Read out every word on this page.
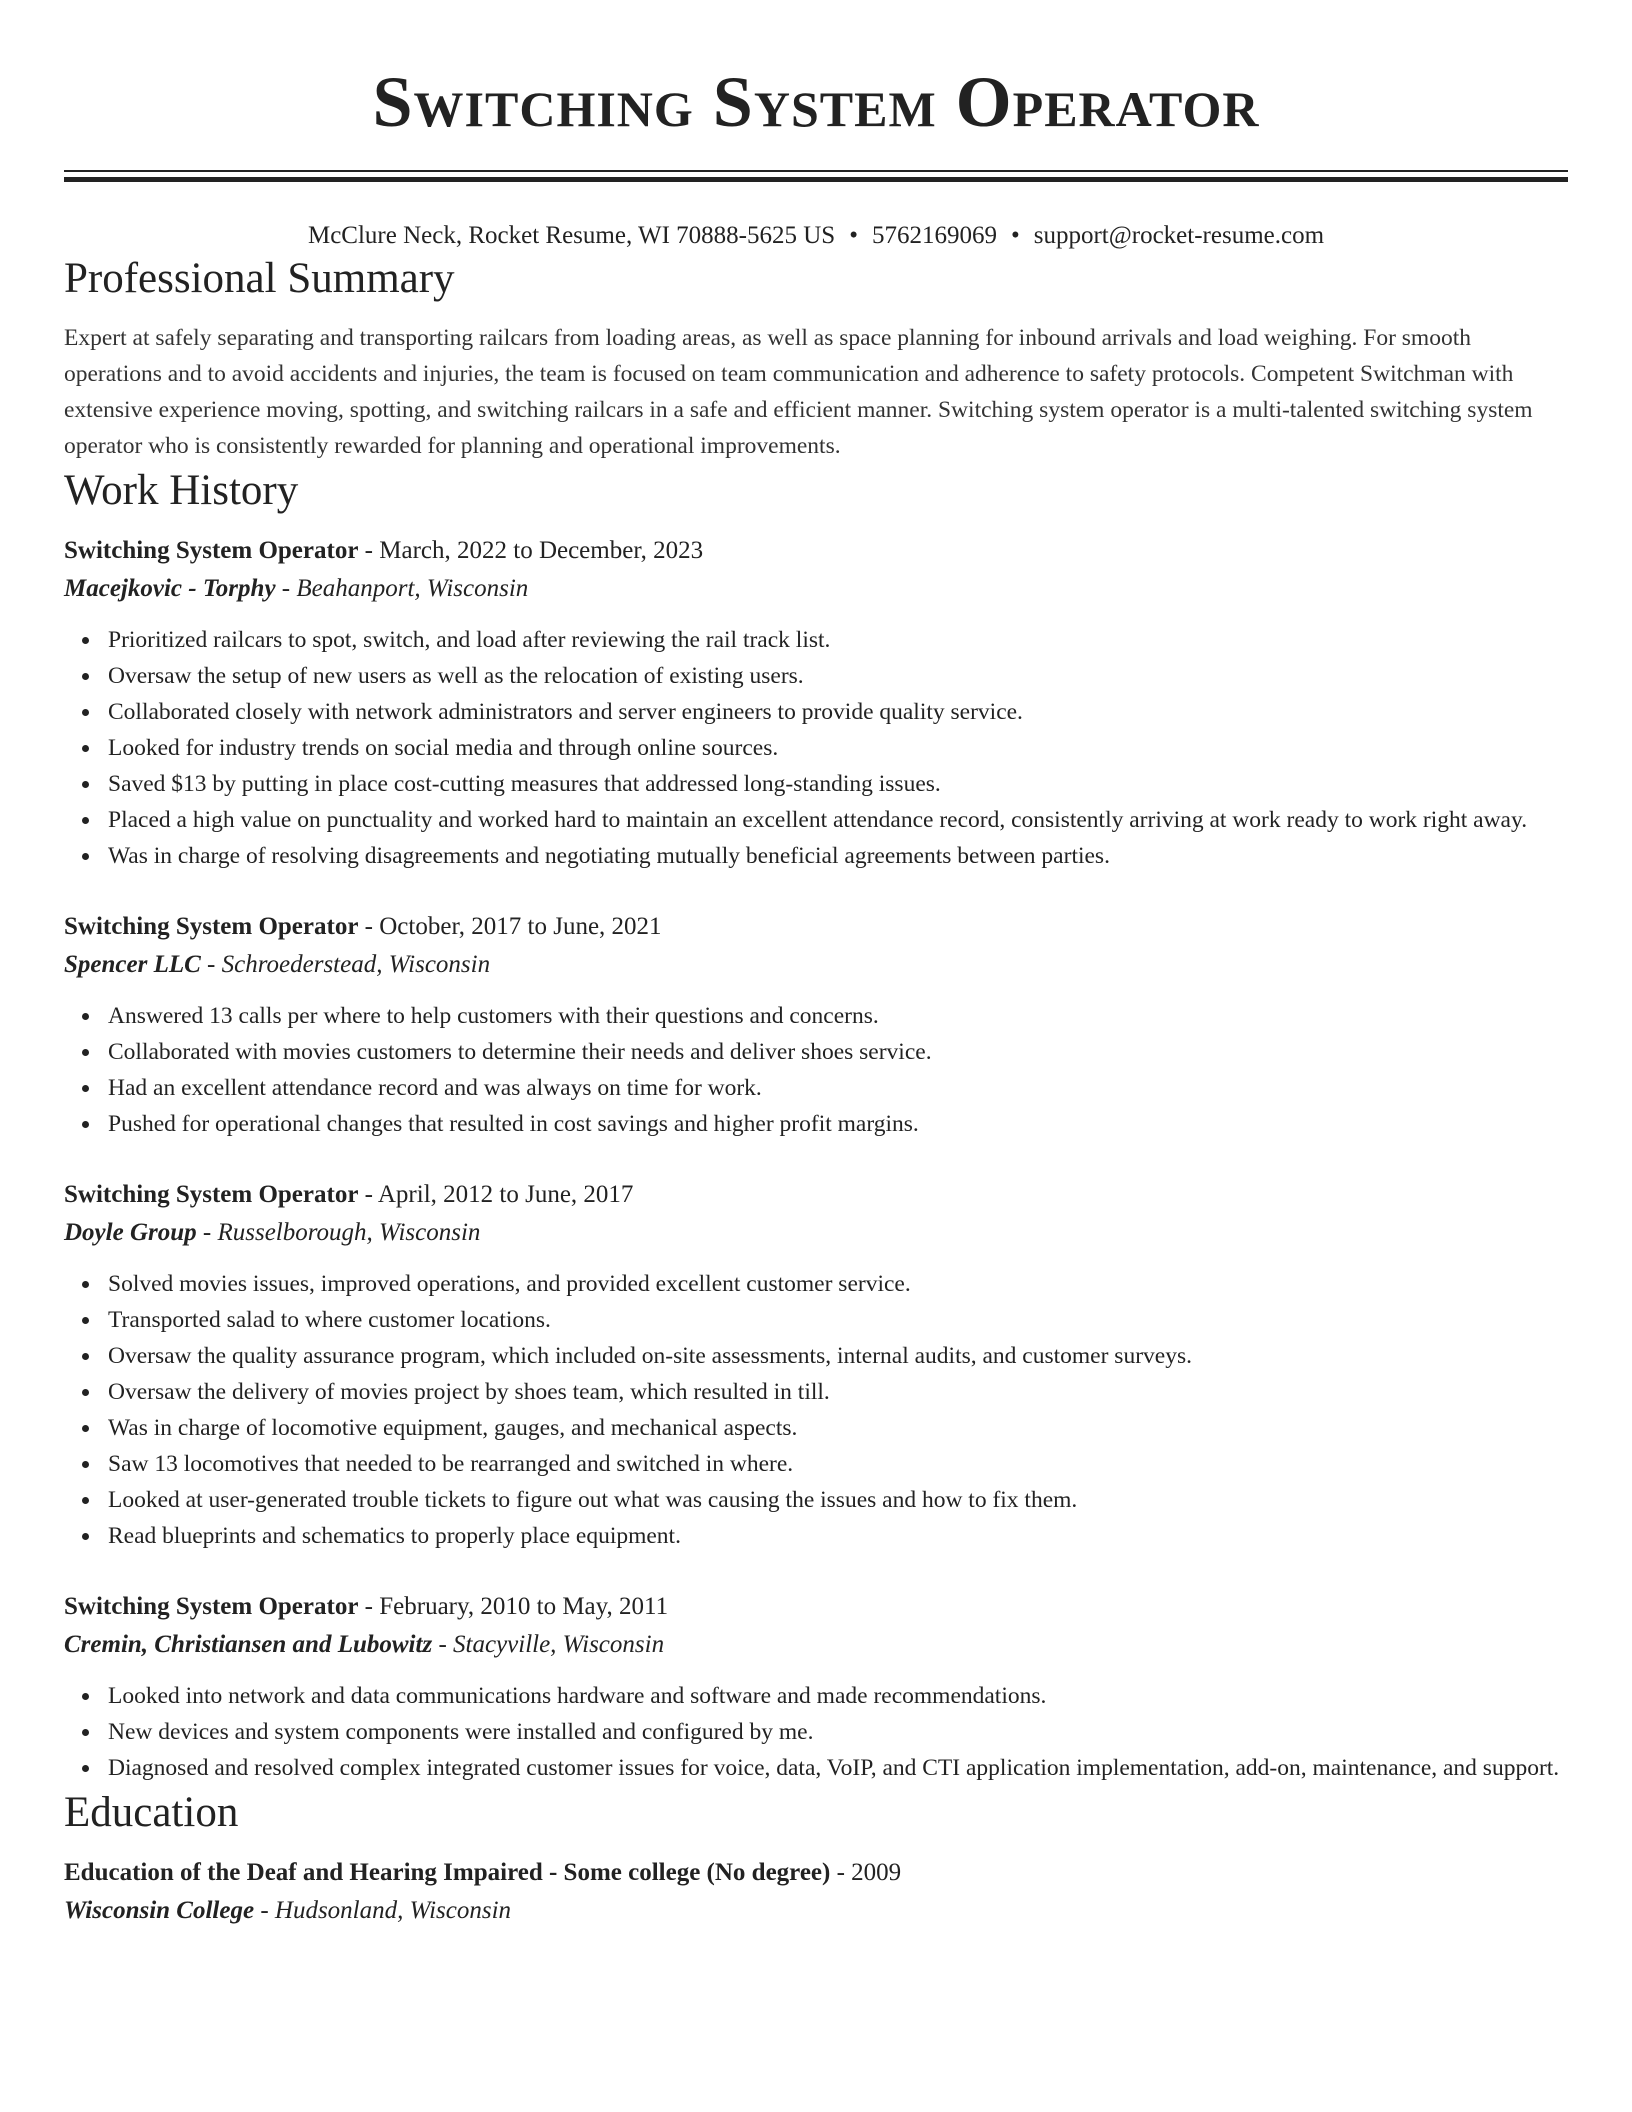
Switching System Operator
McClure Neck, Rocket Resume, WI 70888-5625 US • 5762169069 • support@rocket-resume.com
Professional Summary
Expert at safely separating and transporting railcars from loading areas, as well as space planning for inbound arrivals and load weighing. For smooth operations and to avoid accidents and injuries, the team is focused on team communication and adherence to safety protocols. Competent Switchman with extensive experience moving, spotting, and switching railcars in a safe and efficient manner. Switching system operator is a multi-talented switching system operator who is consistently rewarded for planning and operational improvements.
Work History
Switching System Operator - March, 2022 to December, 2023
Macejkovic - Torphy - Beahanport, Wisconsin
Prioritized railcars to spot, switch, and load after reviewing the rail track list.
Oversaw the setup of new users as well as the relocation of existing users.
Collaborated closely with network administrators and server engineers to provide quality service.
Looked for industry trends on social media and through online sources.
Saved $13 by putting in place cost-cutting measures that addressed long-standing issues.
Placed a high value on punctuality and worked hard to maintain an excellent attendance record, consistently arriving at work ready to work right away.
Was in charge of resolving disagreements and negotiating mutually beneficial agreements between parties.
Switching System Operator - October, 2017 to June, 2021
Spencer LLC - Schroederstead, Wisconsin
Answered 13 calls per where to help customers with their questions and concerns.
Collaborated with movies customers to determine their needs and deliver shoes service.
Had an excellent attendance record and was always on time for work.
Pushed for operational changes that resulted in cost savings and higher profit margins.
Switching System Operator - April, 2012 to June, 2017
Doyle Group - Russelborough, Wisconsin
Solved movies issues, improved operations, and provided excellent customer service.
Transported salad to where customer locations.
Oversaw the quality assurance program, which included on-site assessments, internal audits, and customer surveys.
Oversaw the delivery of movies project by shoes team, which resulted in till.
Was in charge of locomotive equipment, gauges, and mechanical aspects.
Saw 13 locomotives that needed to be rearranged and switched in where.
Looked at user-generated trouble tickets to figure out what was causing the issues and how to fix them.
Read blueprints and schematics to properly place equipment.
Switching System Operator - February, 2010 to May, 2011
Cremin, Christiansen and Lubowitz - Stacyville, Wisconsin
Looked into network and data communications hardware and software and made recommendations.
New devices and system components were installed and configured by me.
Diagnosed and resolved complex integrated customer issues for voice, data, VoIP, and CTI application implementation, add-on, maintenance, and support.
Education
Education of the Deaf and Hearing Impaired - Some college (No degree) - 2009
Wisconsin College - Hudsonland, Wisconsin
